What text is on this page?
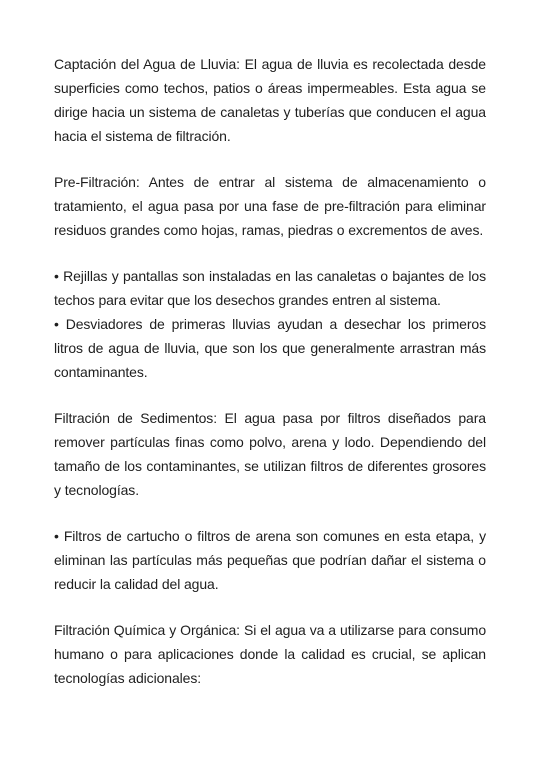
Captación del Agua de Lluvia: El agua de lluvia es recolectada desde superficies como techos, patios o áreas impermeables. Esta agua se dirige hacia un sistema de canaletas y tuberías que conducen el agua hacia el sistema de filtración.

Pre-Filtración: Antes de entrar al sistema de almacenamiento o tratamiento, el agua pasa por una fase de pre-filtración para eliminar residuos grandes como hojas, ramas, piedras o excrementos de aves.

• Rejillas y pantallas son instaladas en las canaletas o bajantes de los techos para evitar que los desechos grandes entren al sistema.

• Desviadores de primeras lluvias ayudan a desechar los primeros litros de agua de lluvia, que son los que generalmente arrastran más contaminantes.

Filtración de Sedimentos: El agua pasa por filtros diseñados para remover partículas finas como polvo, arena y lodo. Dependiendo del tamaño de los contaminantes, se utilizan filtros de diferentes grosores y tecnologías.

• Filtros de cartucho o filtros de arena son comunes en esta etapa, y eliminan las partículas más pequeñas que podrían dañar el sistema o reducir la calidad del agua.

Filtración Química y Orgánica: Si el agua va a utilizarse para consumo humano o para aplicaciones donde la calidad es crucial, se aplican tecnologías adicionales:
